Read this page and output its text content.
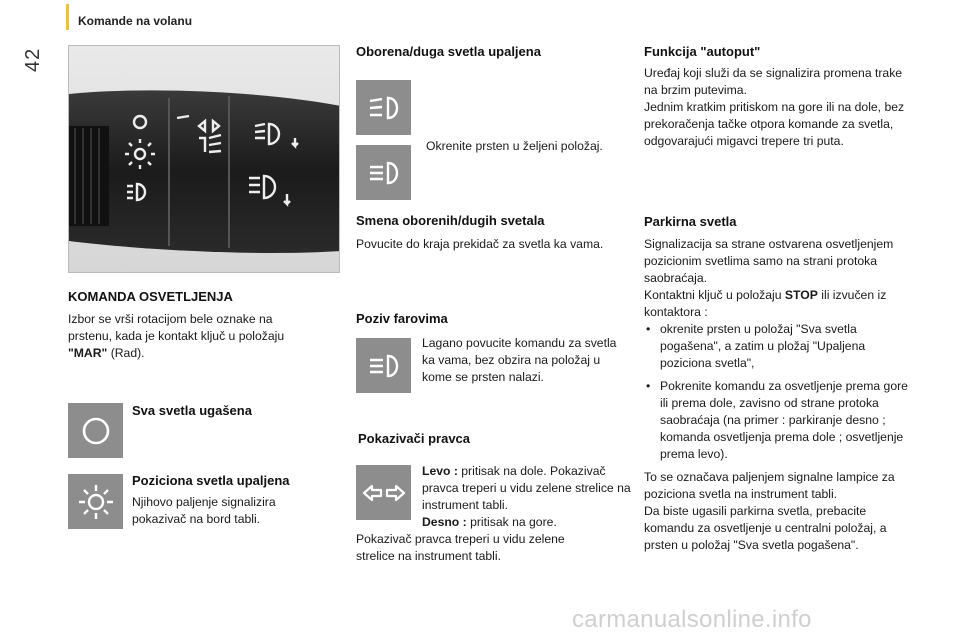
42
Komande na volanu
KOMANDA OSVETLJENJA
Izbor se vrši rotacijom bele oznake na prstenu, kada je kontakt ključ u položaju "MAR" (Rad).
Sva svetla ugašena
Poziciona svetla upaljena
Njihovo paljenje signalizira pokazivač na bord tabli.
Oborena/duga svetla upaljena
Okrenite prsten u željeni položaj.
Smena oborenih/dugih svetala
Povucite do kraja prekidač za svetla ka vama.
Poziv farovima
Lagano povucite komandu za svetla ka vama, bez obzira na položaj u kome se prsten nalazi.
Pokazivači pravca
Levo : pritisak na dole. Pokazivač pravca treperi u vidu zelene strelice na instrument tabli.
Desno : pritisak na gore.
Pokazivač pravca treperi u vidu zelene strelice na instrument tabli.
Funkcija "autoput"
Uređaj koji služi da se signalizira promena trake na brzim putevima.
Jednim kratkim pritiskom na gore ili na dole, bez prekoračenja tačke otpora komande za svetla, odgovarajući migavci trepere tri puta.
Parkirna svetla
Signalizacija sa strane ostvarena osvetljenjem pozicionim svetlima samo na strani protoka saobraćaja.
Kontaktni ključ u položaju STOP ili izvučen iz kontaktora :
• okrenite prsten u položaj "Sva svetla pogašena", a zatim u pložaj "Upaljena poziciona svetla",
• Pokrenite komandu za osvetljenje prema gore ili prema dole, zavisno od strane protoka saobraćaja (na primer : parkiranje desno ; komanda osvetljenja prema dole ; osvetljenje prema levo).
To se označava paljenjem signalne lampice za poziciona svetla na instrument tabli.
Da biste ugasili parkirna svetla, prebacite komandu za osvetljenje u centralni položaj, a prsten u položaj "Sva svetla pogašena".
carmanualsonline.info
